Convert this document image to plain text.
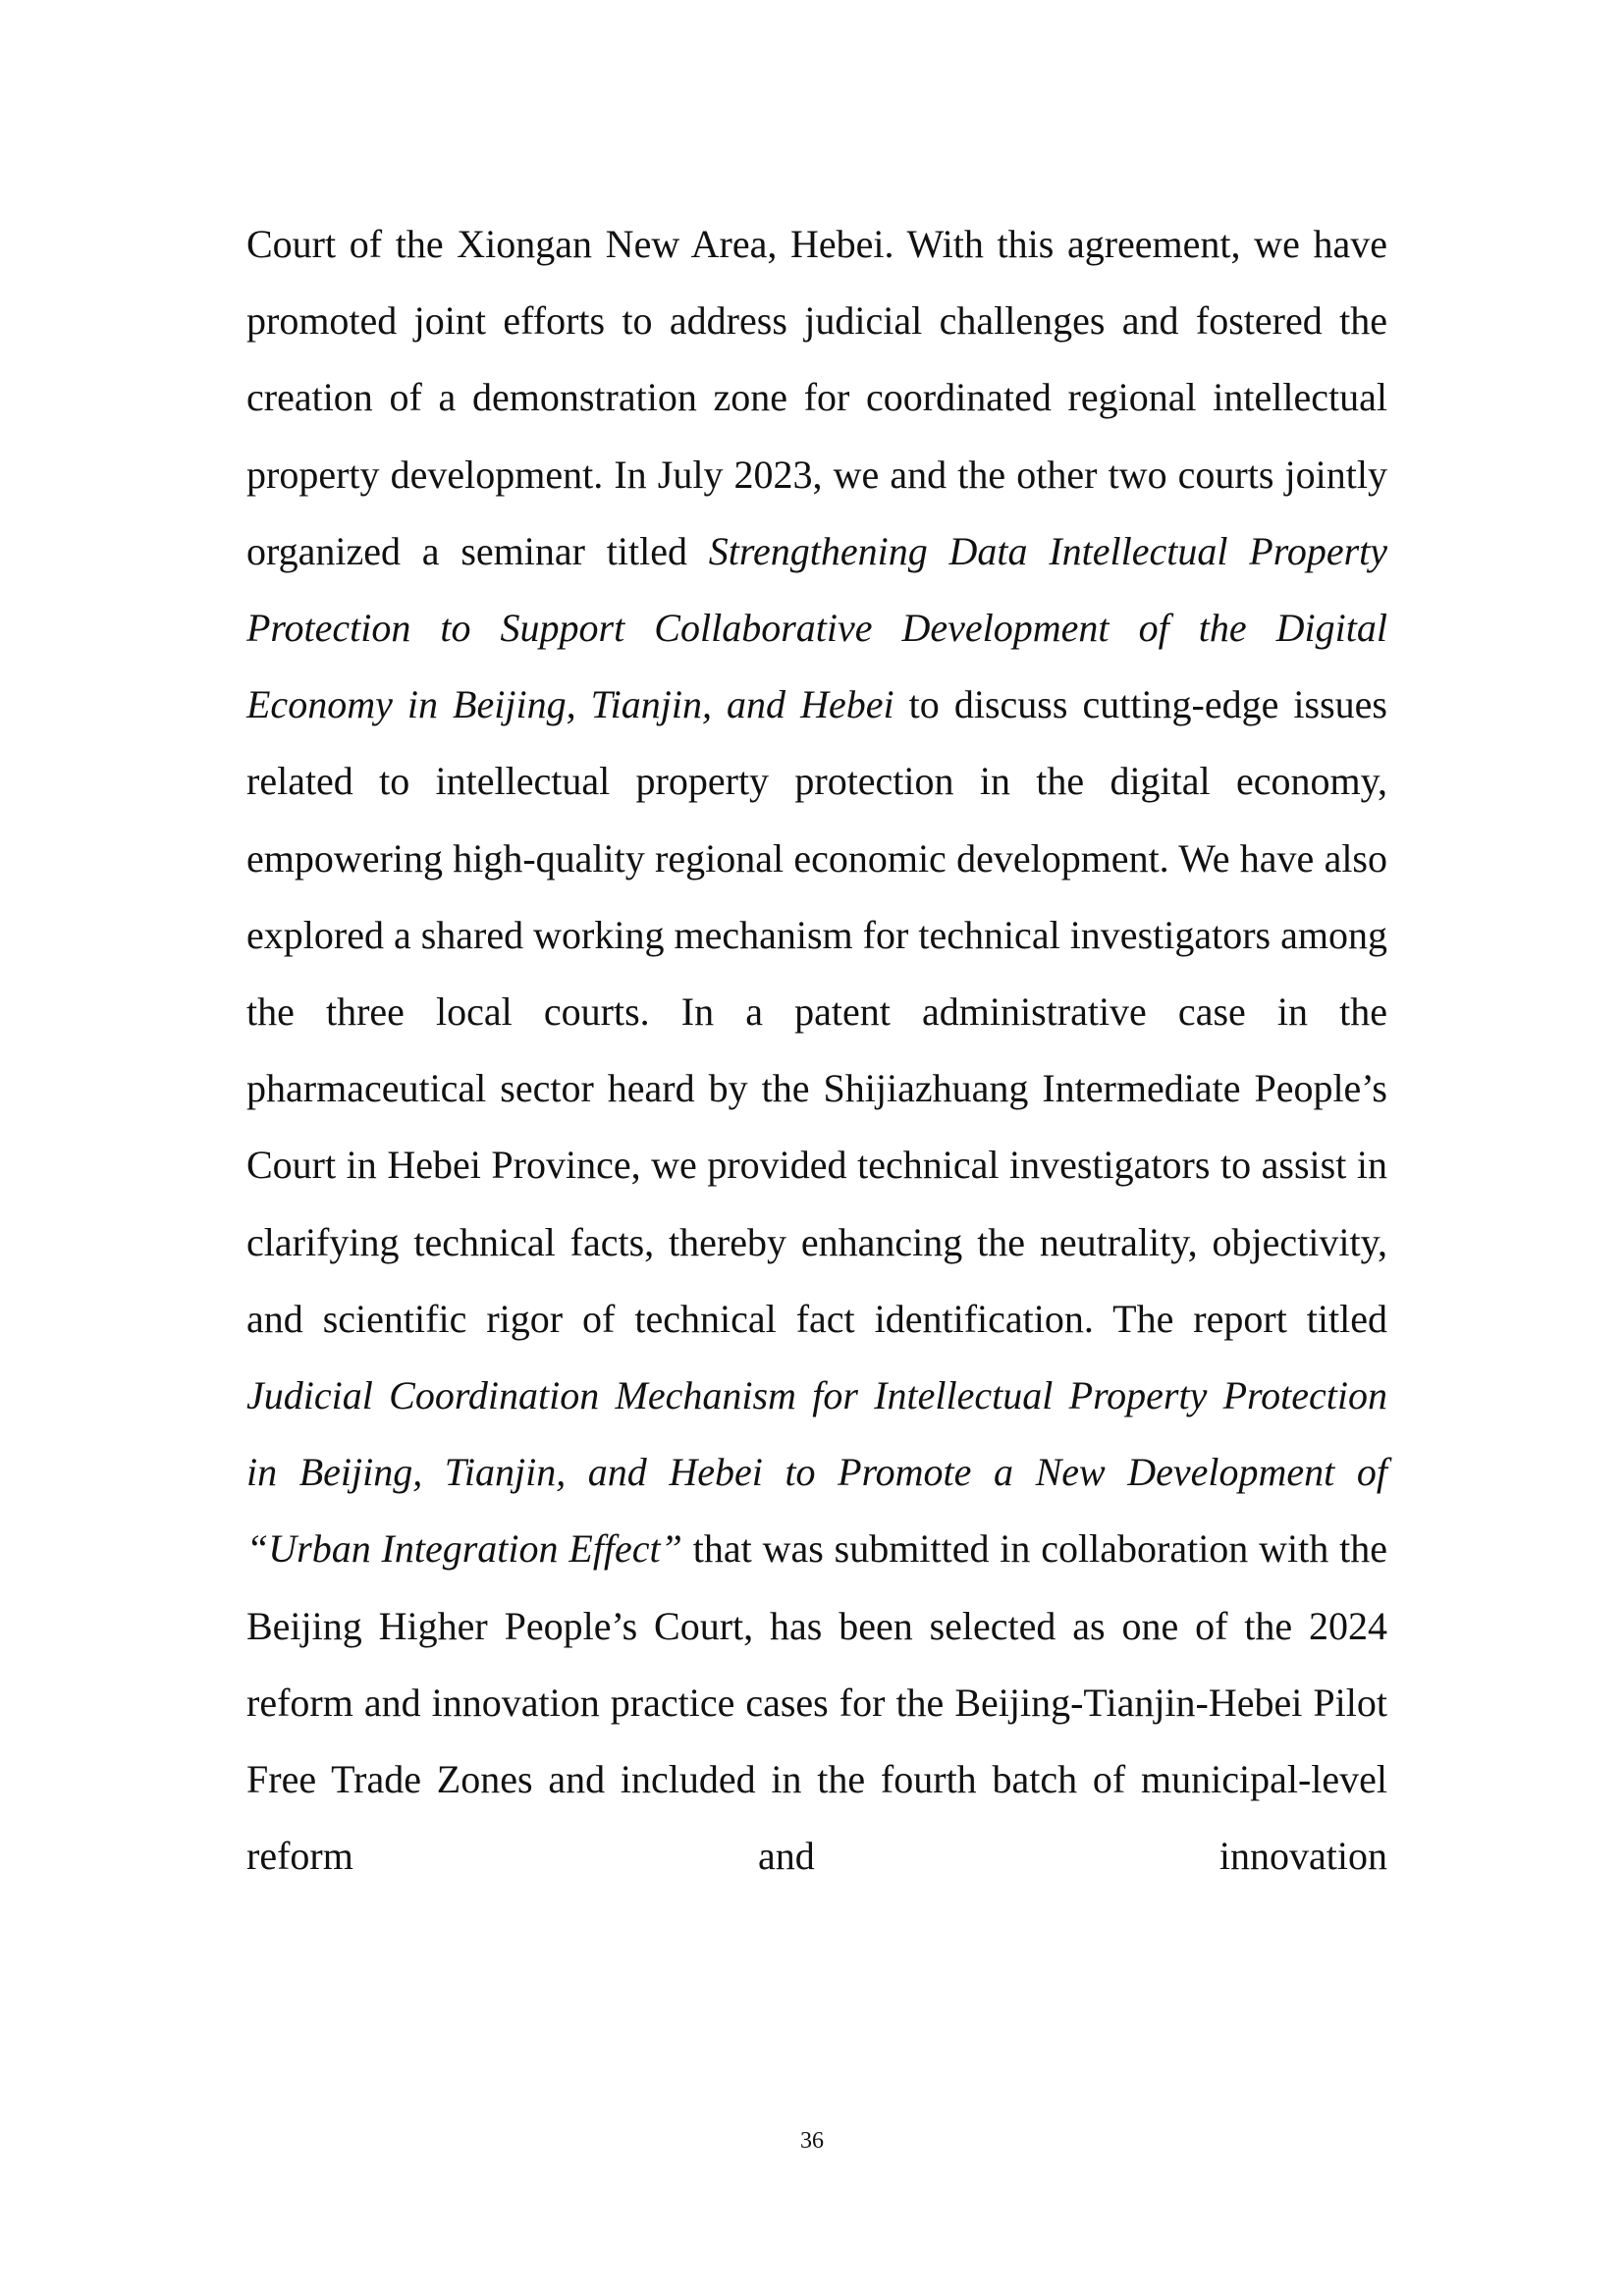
Court of the Xiongan New Area, Hebei. With this agreement, we have promoted joint efforts to address judicial challenges and fostered the creation of a demonstration zone for coordinated regional intellectual property development. In July 2023, we and the other two courts jointly organized a seminar titled Strengthening Data Intellectual Property Protection to Support Collaborative Development of the Digital Economy in Beijing, Tianjin, and Hebei to discuss cutting-edge issues related to intellectual property protection in the digital economy, empowering high-quality regional economic development. We have also explored a shared working mechanism for technical investigators among the three local courts. In a patent administrative case in the pharmaceutical sector heard by the Shijiazhuang Intermediate People’s Court in Hebei Province, we provided technical investigators to assist in clarifying technical facts, thereby enhancing the neutrality, objectivity, and scientific rigor of technical fact identification. The report titled Judicial Coordination Mechanism for Intellectual Property Protection in Beijing, Tianjin, and Hebei to Promote a New Development of “Urban Integration Effect” that was submitted in collaboration with the Beijing Higher People’s Court, has been selected as one of the 2024 reform and innovation practice cases for the Beijing-Tianjin-Hebei Pilot Free Trade Zones and included in the fourth batch of municipal-level reform and innovation

36
